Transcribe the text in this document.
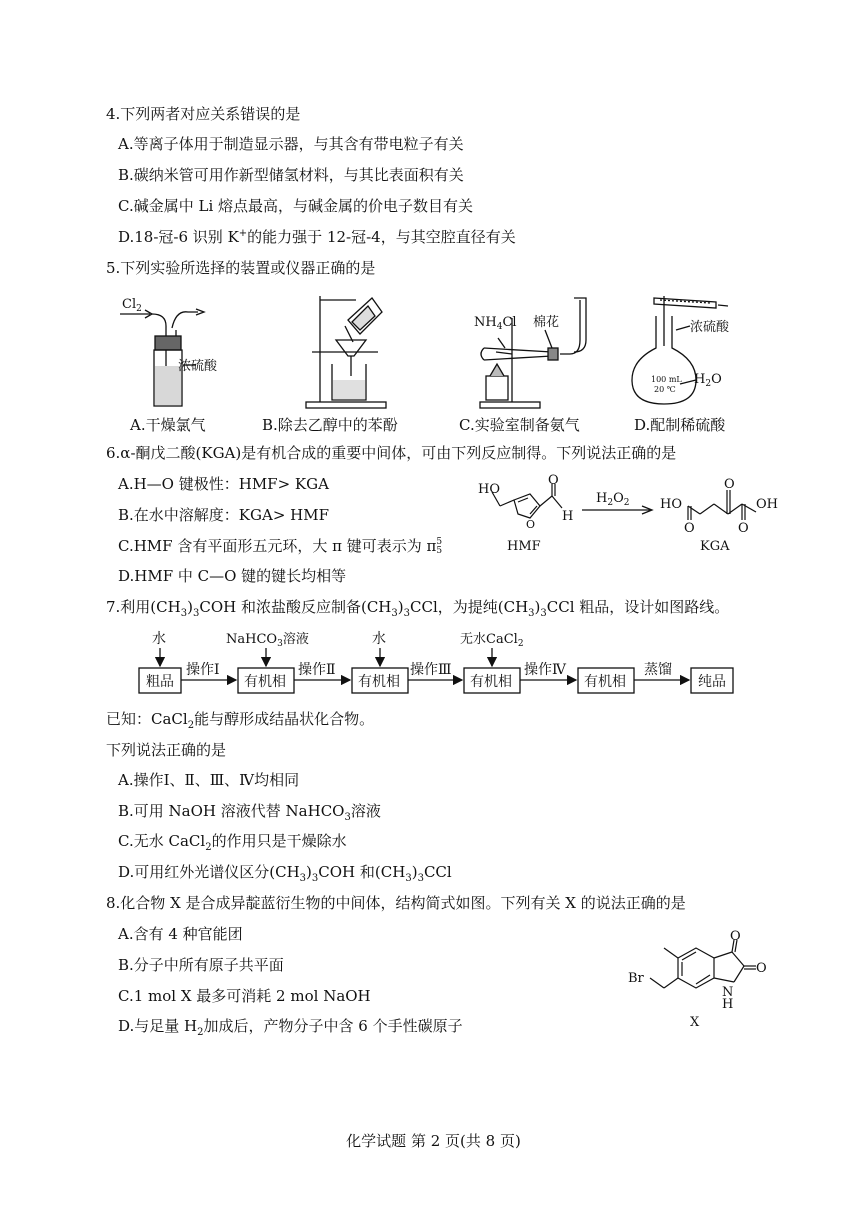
4.下列两者对应关系错误的是
A.等离子体用于制造显示器，与其含有带电粒子有关
B.碳纳米管可用作新型储氢材料，与其比表面积有关
C.碱金属中 Li 熔点最高，与碱金属的价电子数目有关
D.18-冠-6 识别 K+的能力强于 12-冠-4，与其空腔直径有关
5.下列实验所选择的装置或仪器正确的是
$Cl_2$
浓硫酸
A.干燥氯气	B.除去乙醇中的苯酚
$NH_4Cl$ 棉花
C.实验室制备氨气
浓硫酸
100 mL
20 ℃
$H_2O$
D.配制稀硫酸
6.α-酮戊二酸(KGA)是有机合成的重要中间体，可由下列反应制得。下列说法正确的是
A.H—O 键极性：HMF> KGA
B.在水中溶解度：KGA> HMF
C.HMF 含有平面形五元环，大 π 键可表示为 π 5
5
D.HMF 中 C—O 键的键长均相等
HO
O
O
H
HMF
$H_2O_2$ HO
O
O
O
OH
KGA
7.利用$(CH_3)_3COH$ 和浓盐酸反应制备$(CH_3)_3CCl$，为提纯$(CH_3)_3CCl$ 粗品，设计如图路线。
粗品	有机相	有机相	有机相	有机相	纯品
操作Ⅰ	操作Ⅱ	操作Ⅲ	操作Ⅳ	蒸馏
水	NaHCO$_3$溶液	水	无水CaCl$_2$
已知：CaCl$_2$能与醇形成结晶状化合物。
下列说法正确的是
A.操作Ⅰ、Ⅱ、Ⅲ、Ⅳ均相同
B.可用 NaOH 溶液代替 NaHCO$_3$溶液
C.无水 CaCl$_2$的作用只是干燥除水
D.可用红外光谱仪区分$(CH_3)_3COH$ 和$(CH_3)_3CCl$
8.化合物 X 是合成异靛蓝衍生物的中间体，结构简式如图。下列有关 X 的说法正确的是
A.含有 4 种官能团
B.分子中所有原子共平面
C.1 mol X 最多可消耗 2 mol NaOH
D.与足量 $H_2$加成后，产物分子中含 6 个手性碳原子
Br
O
O
N
H
X
化学试题 第 2 页(共 8 页)
